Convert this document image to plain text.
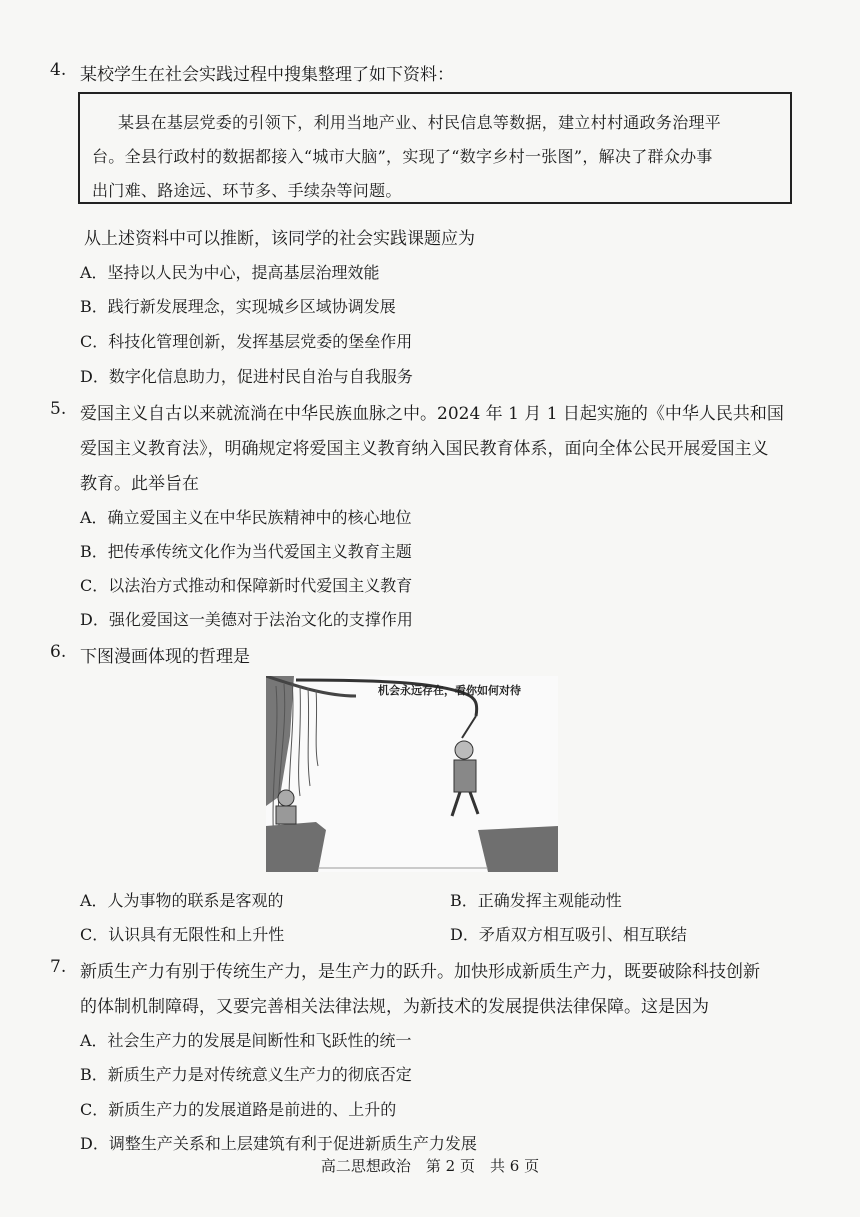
4. 某校学生在社会实践过程中搜集整理了如下资料：
某县在基层党委的引领下，利用当地产业、村民信息等数据，建立村村通政务治理平
台。全县行政村的数据都接入“城市大脑”，实现了“数字乡村一张图”，解决了群众办事
出门难、路途远、环节多、手续杂等问题。
从上述资料中可以推断，该同学的社会实践课题应为
A．坚持以人民为中心，提高基层治理效能
B．践行新发展理念，实现城乡区域协调发展
C．科技化管理创新，发挥基层党委的堡垒作用
D．数字化信息助力，促进村民自治与自我服务
5. 爱国主义自古以来就流淌在中华民族血脉之中。2024 年 1 月 1 日起实施的《中华人民共和国
爱国主义教育法》，明确规定将爱国主义教育纳入国民教育体系，面向全体公民开展爱国主义
教育。此举旨在
A．确立爱国主义在中华民族精神中的核心地位
B．把传承传统文化作为当代爱国主义教育主题
C．以法治方式推动和保障新时代爱国主义教育
D．强化爱国这一美德对于法治文化的支撑作用
6. 下图漫画体现的哲理是
机会永远存在，看你如何对待
A．人为事物的联系是客观的	B．正确发挥主观能动性
C．认识具有无限性和上升性	D．矛盾双方相互吸引、相互联结
7. 新质生产力有别于传统生产力，是生产力的跃升。加快形成新质生产力，既要破除科技创新
的体制机制障碍，又要完善相关法律法规，为新技术的发展提供法律保障。这是因为
A．社会生产力的发展是间断性和飞跃性的统一
B．新质生产力是对传统意义生产力的彻底否定
C．新质生产力的发展道路是前进的、上升的
D．调整生产关系和上层建筑有利于促进新质生产力发展
高二思想政治　第 2 页　共 6 页
